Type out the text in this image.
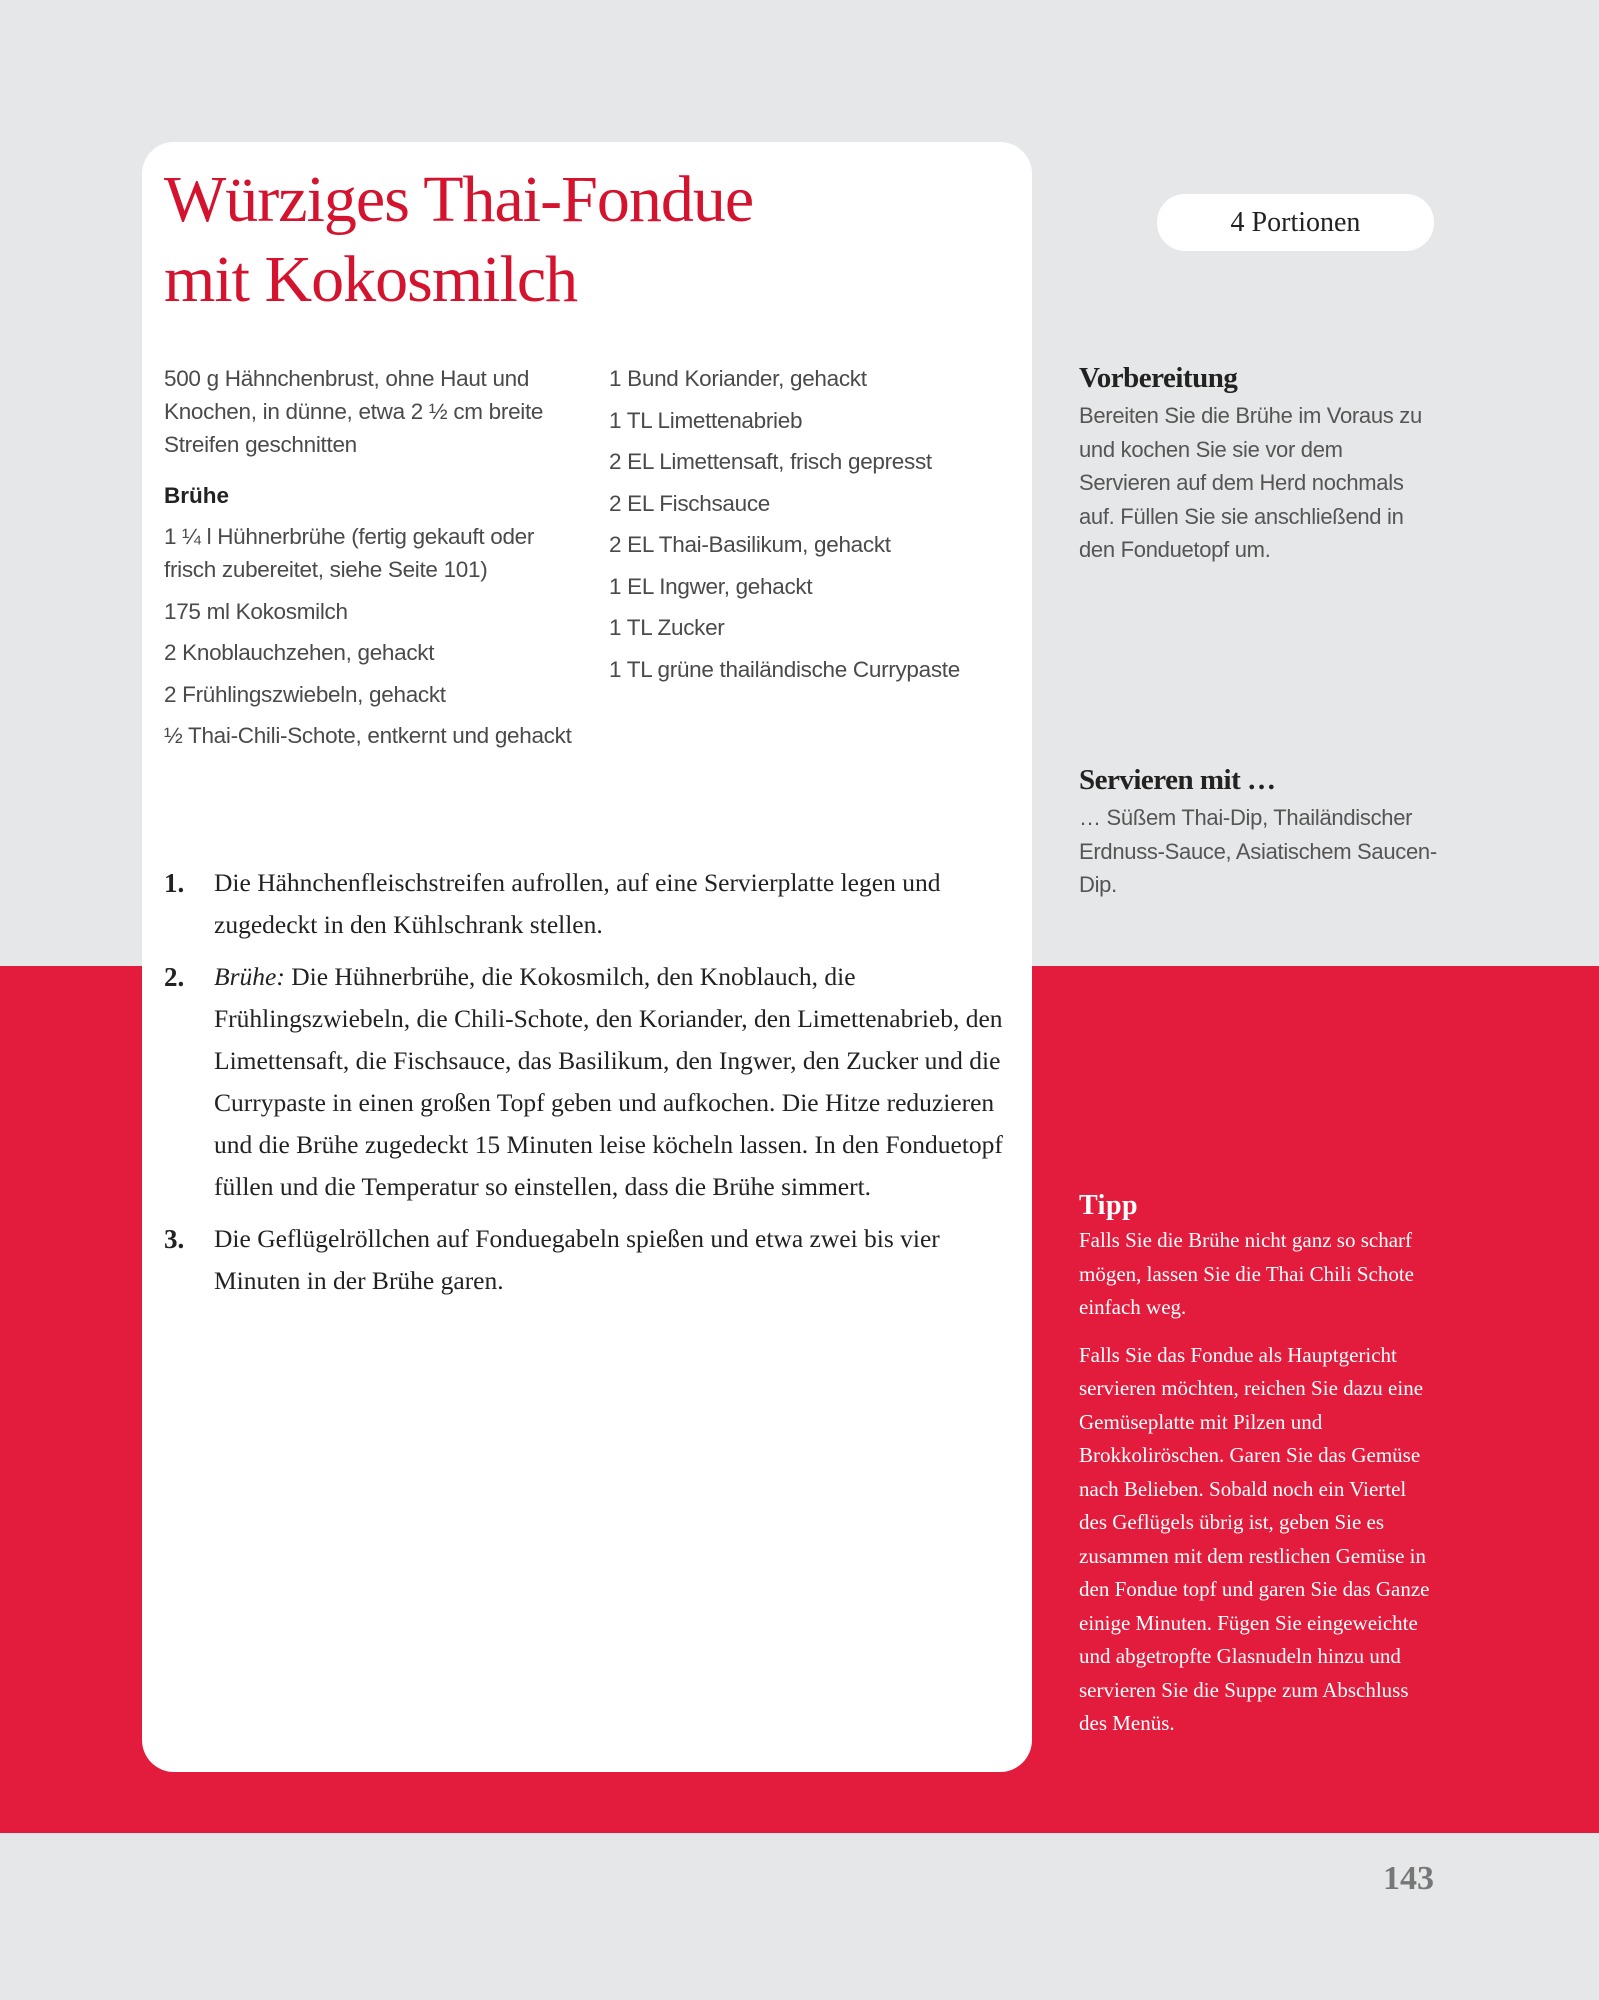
Würziges Thai-Fondue
mit Kokosmilch
500 g Hähnchenbrust, ohne Haut und Knochen, in dünne, etwa 2 ½ cm breite Streifen geschnitten
Brühe
1 ¼ l Hühnerbrühe (fertig gekauft oder frisch zubereitet, siehe Seite 101)
175 ml Kokosmilch
2 Knoblauchzehen, gehackt
2 Frühlingszwiebeln, gehackt
½ Thai-Chili-Schote, entkernt und gehackt
1 Bund Koriander, gehackt
1 TL Limettenabrieb
2 EL Limettensaft, frisch gepresst
2 EL Fischsauce
2 EL Thai-Basilikum, gehackt
1 EL Ingwer, gehackt
1 TL Zucker
1 TL grüne thailändische Currypaste
1.	Die Hähnchenfleischstreifen aufrollen, auf eine Servierplatte legen und zugedeckt in den Kühlschrank stellen.
2.	Brühe: Die Hühnerbrühe, die Kokosmilch, den Knoblauch, die Frühlingszwiebeln, die Chili-Schote, den Koriander, den Limettenabrieb, den Limettensaft, die Fischsauce, das Basilikum, den Ingwer, den Zucker und die Currypaste in einen großen Topf geben und aufkochen. Die Hitze reduzieren und die Brühe zugedeckt 15 Minuten leise köcheln lassen. In den Fonduetopf füllen und die Temperatur so einstellen, dass die Brühe simmert.
3.	Die Geflügelröllchen auf Fonduegabeln spießen und etwa zwei bis vier Minuten in der Brühe garen.
4 Portionen
Vorbereitung

Bereiten Sie die Brühe im Voraus zu und kochen Sie sie vor dem Servieren auf dem Herd nochmals auf. Füllen Sie sie anschließend in den Fonduetopf um.

Servieren mit …

… Süßem Thai-Dip, Thailändischer Erdnuss-Sauce, Asiatischem Saucen-Dip.

Tipp

Falls Sie die Brühe nicht ganz so scharf mögen, lassen Sie die Thai Chili Schote einfach weg.

Falls Sie das Fondue als Hauptgericht servieren möchten, reichen Sie dazu eine Gemüseplatte mit Pilzen und Brokkoliröschen. Garen Sie das Gemüse nach Belieben. Sobald noch ein Viertel des Geflügels übrig ist, geben Sie es zusammen mit dem restlichen Gemüse in den Fondue topf und garen Sie das Ganze einige Minuten. Fügen Sie eingeweichte und abgetropfte Glasnudeln hinzu und servieren Sie die Suppe zum Abschluss des Menüs.

143
